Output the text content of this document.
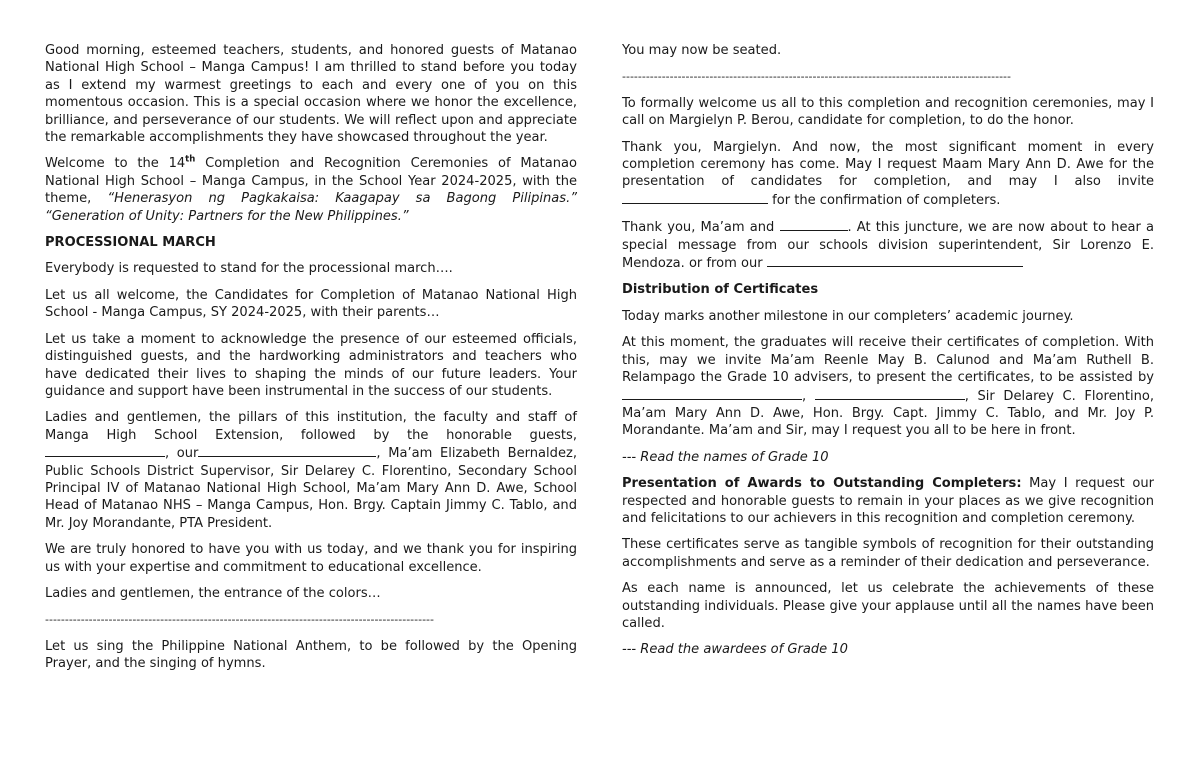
Good morning, esteemed teachers, students, and honored guests of Matanao National High School – Manga Campus! I am thrilled to stand before you today as I extend my warmest greetings to each and every one of you on this momentous occasion. This is a special occasion where we honor the excellence, brilliance, and perseverance of our students. We will reflect upon and appreciate the remarkable accomplishments they have showcased throughout the year.

Welcome to the 14th Completion and Recognition Ceremonies of Matanao National High School – Manga Campus, in the School Year 2024-2025, with the theme, “Henerasyon ng Pagkakaisa: Kaagapay sa Bagong Pilipinas.” “Generation of Unity: Partners for the New Philippines.”

PROCESSIONAL MARCH

Everybody is requested to stand for the processional march….

Let us all welcome, the Candidates for Completion of Matanao National High School - Manga Campus, SY 2024-2025, with their parents…

Let us take a moment to acknowledge the presence of our esteemed officials, distinguished guests, and the hardworking administrators and teachers who have dedicated their lives to shaping the minds of our future leaders. Your guidance and support have been instrumental in the success of our students.

Ladies and gentlemen, the pillars of this institution, the faculty and staff of Manga High School Extension, followed by the honorable guests,, our	, Ma’am Elizabeth Bernaldez, Public Schools District Supervisor, Sir Delarey C. Florentino, Secondary School Principal IV of Matanao National High School, Ma’am Mary Ann D. Awe, School Head of Matanao NHS – Manga Campus, Hon. Brgy. Captain Jimmy C. Tablo, and Mr. Joy Morandante, PTA President.

We are truly honored to have you with us today, and we thank you for inspiring us with your expertise and commitment to educational excellence.

Ladies and gentlemen, the entrance of the colors…

--------------------------------------------------------------------------------------------------

Let us sing the Philippine National Anthem, to be followed by the Opening Prayer, and the singing of hymns.

You may now be seated.

--------------------------------------------------------------------------------------------------

To formally welcome us all to this completion and recognition ceremonies, may I call on Margielyn P. Berou, candidate for completion, to do the honor.

Thank you, Margielyn. And now, the most significant moment in every completion ceremony has come. May I request Maam Mary Ann D. Awe for the presentation of candidates for completion, and may I also invite  for the confirmation of completers.

Thank you, Ma’am and	. At this juncture, we are now about to hear a special message from our schools division superintendent, Sir Lorenzo E. Mendoza. or from our

Distribution of Certificates

Today marks another milestone in our completers’ academic journey.

At this moment, the graduates will receive their certificates of completion. With this, may we invite Ma’am Reenle May B. Calunod and Ma’am Ruthell B. Relampago the Grade 10 advisers, to present the certificates, to be assisted by,	, Sir Delarey C. Florentino, Ma’am Mary Ann D. Awe, Hon. Brgy. Capt. Jimmy C. Tablo, and Mr. Joy P. Morandante. Ma’am and Sir, may I request you all to be here in front.

--- Read the names of Grade 10

Presentation of Awards to Outstanding Completers: May I request our respected and honorable guests to remain in your places as we give recognition and felicitations to our achievers in this recognition and completion ceremony.

These certificates serve as tangible symbols of recognition for their outstanding accomplishments and serve as a reminder of their dedication and perseverance.

As each name is announced, let us celebrate the achievements of these outstanding individuals. Please give your applause until all the names have been called.

--- Read the awardees of Grade 10
